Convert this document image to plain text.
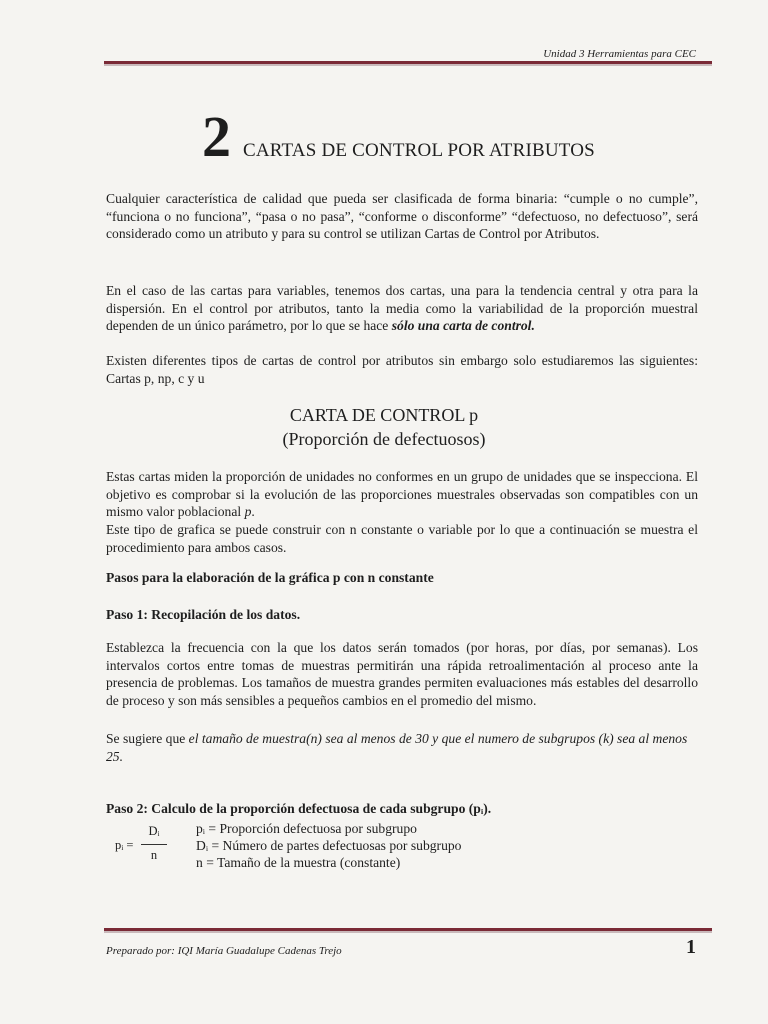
Unidad 3 Herramientas para CEC
2 CARTAS DE CONTROL POR ATRIBUTOS

Cualquier característica de calidad que pueda ser clasificada de forma binaria: “cumple o no cumple”, “funciona o no funciona”, “pasa o no pasa”, “conforme o disconforme” “defectuoso, no defectuoso”, será considerado como un atributo y para su control se utilizan Cartas de Control por Atributos.

En el caso de las cartas para variables, tenemos dos cartas, una para la tendencia central y otra para la dispersión. En el control por atributos, tanto la media como la variabilidad de la proporción muestral dependen de un único parámetro, por lo que se hace sólo una carta de control.

Existen diferentes tipos de cartas de control por atributos sin embargo solo estudiaremos las siguientes: Cartas p, np, c y u

CARTA DE CONTROL p
(Proporción de defectuosos)

Estas cartas miden la proporción de unidades no conformes en un grupo de unidades que se inspecciona. El objetivo es comprobar si la evolución de las proporciones muestrales observadas son compatibles con un mismo valor poblacional p.

Este tipo de grafica se puede construir con n constante o variable por lo que a continuación se muestra el procedimiento para ambos casos.

Pasos para la elaboración de la gráfica p con n constante
Paso 1: Recopilación de los datos.

Establezca la frecuencia con la que los datos serán tomados (por horas, por días, por semanas). Los intervalos cortos entre tomas de muestras permitirán una rápida retroalimentación al proceso ante la presencia de problemas. Los tamaños de muestra grandes permiten evaluaciones más estables del desarrollo de proceso y son más sensibles a pequeños cambios en el promedio del mismo.

Se sugiere que el tamaño de muestra(n) sea al menos de 30 y que el numero de subgrupos (k) sea al menos 25.

Paso 2: Calculo de la proporción defectuosa de cada subgrupo (pᵢ).
pᵢ =
Dᵢ
n
pᵢ = Proporción defectuosa por subgrupo
Dᵢ = Número de partes defectuosas por subgrupo
n = Tamaño de la muestra (constante)
Preparado por: IQI María Guadalupe Cadenas Trejo	1
